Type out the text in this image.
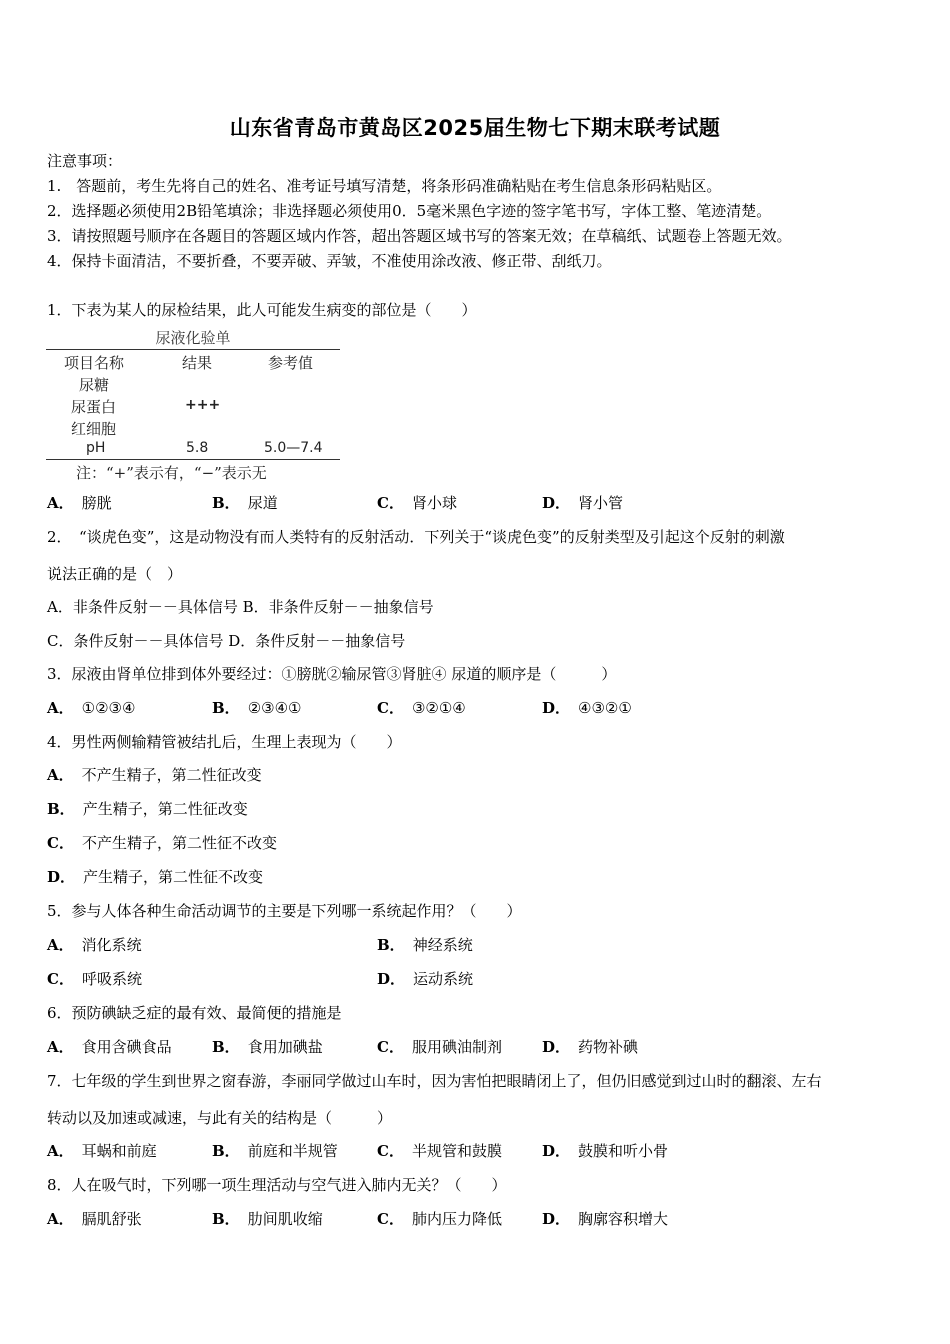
山东省青岛市黄岛区2025届生物七下期末联考试题
注意事项：
1.　答题前，考生先将自己的姓名、准考证号填写清楚，将条形码准确粘贴在考生信息条形码粘贴区。
2．选择题必须使用2B铅笔填涂；非选择题必须使用0．5毫米黑色字迹的签字笔书写，字体工整、笔迹清楚。
3．请按照题号顺序在各题目的答题区域内作答，超出答题区域书写的答案无效；在草稿纸、试题卷上答题无效。
4．保持卡面清洁，不要折叠，不要弄破、弄皱，不准使用涂改液、修正带、刮纸刀。
1．下表为某人的尿检结果，此人可能发生病变的部位是（　　）
尿液化验单
项目名称	结果	参考值
尿糖
尿蛋白	+++
红细胞
pH	5.8	5.0—7.4
注：“+”表示有，“−”表示无
A． 膀胱	B． 尿道	C． 肾小球	D． 肾小管
2．　“谈虎色变”，这是动物没有而人类特有的反射活动．下列关于“谈虎色变”的反射类型及引起这个反射的刺激
说法正确的是（　）
A．非条件反射－－具体信号 B．非条件反射－－抽象信号
C．条件反射－－具体信号 D．条件反射－－抽象信号
3．尿液由肾单位排到体外要经过：①膀胱②输尿管③肾脏④ 尿道的顺序是（　　　）
A． ①②③④	B． ②③④①	C． ③②①④	D． ④③②①
4．男性两侧输精管被结扎后，生理上表现为（　　）
A． 不产生精子，第二性征改变
B． 产生精子，第二性征改变
C． 不产生精子，第二性征不改变
D． 产生精子，第二性征不改变
5．参与人体各种生命活动调节的主要是下列哪一系统起作用？（　　）
A． 消化系统	B． 神经系统
C． 呼吸系统	D． 运动系统
6．预防碘缺乏症的最有效、最简便的措施是
A． 食用含碘食品	B． 食用加碘盐	C． 服用碘油制剂	D． 药物补碘
7．七年级的学生到世界之窗春游，李丽同学做过山车时，因为害怕把眼睛闭上了，但仍旧感觉到过山时的翻滚、左右
转动以及加速或减速，与此有关的结构是（　　　）
A． 耳蜗和前庭	B． 前庭和半规管	C． 半规管和鼓膜	D． 鼓膜和听小骨
8．人在吸气时，下列哪一项生理活动与空气进入肺内无关？（　　）
A． 膈肌舒张	B． 肋间肌收缩	C． 肺内压力降低	D． 胸廓容积增大
